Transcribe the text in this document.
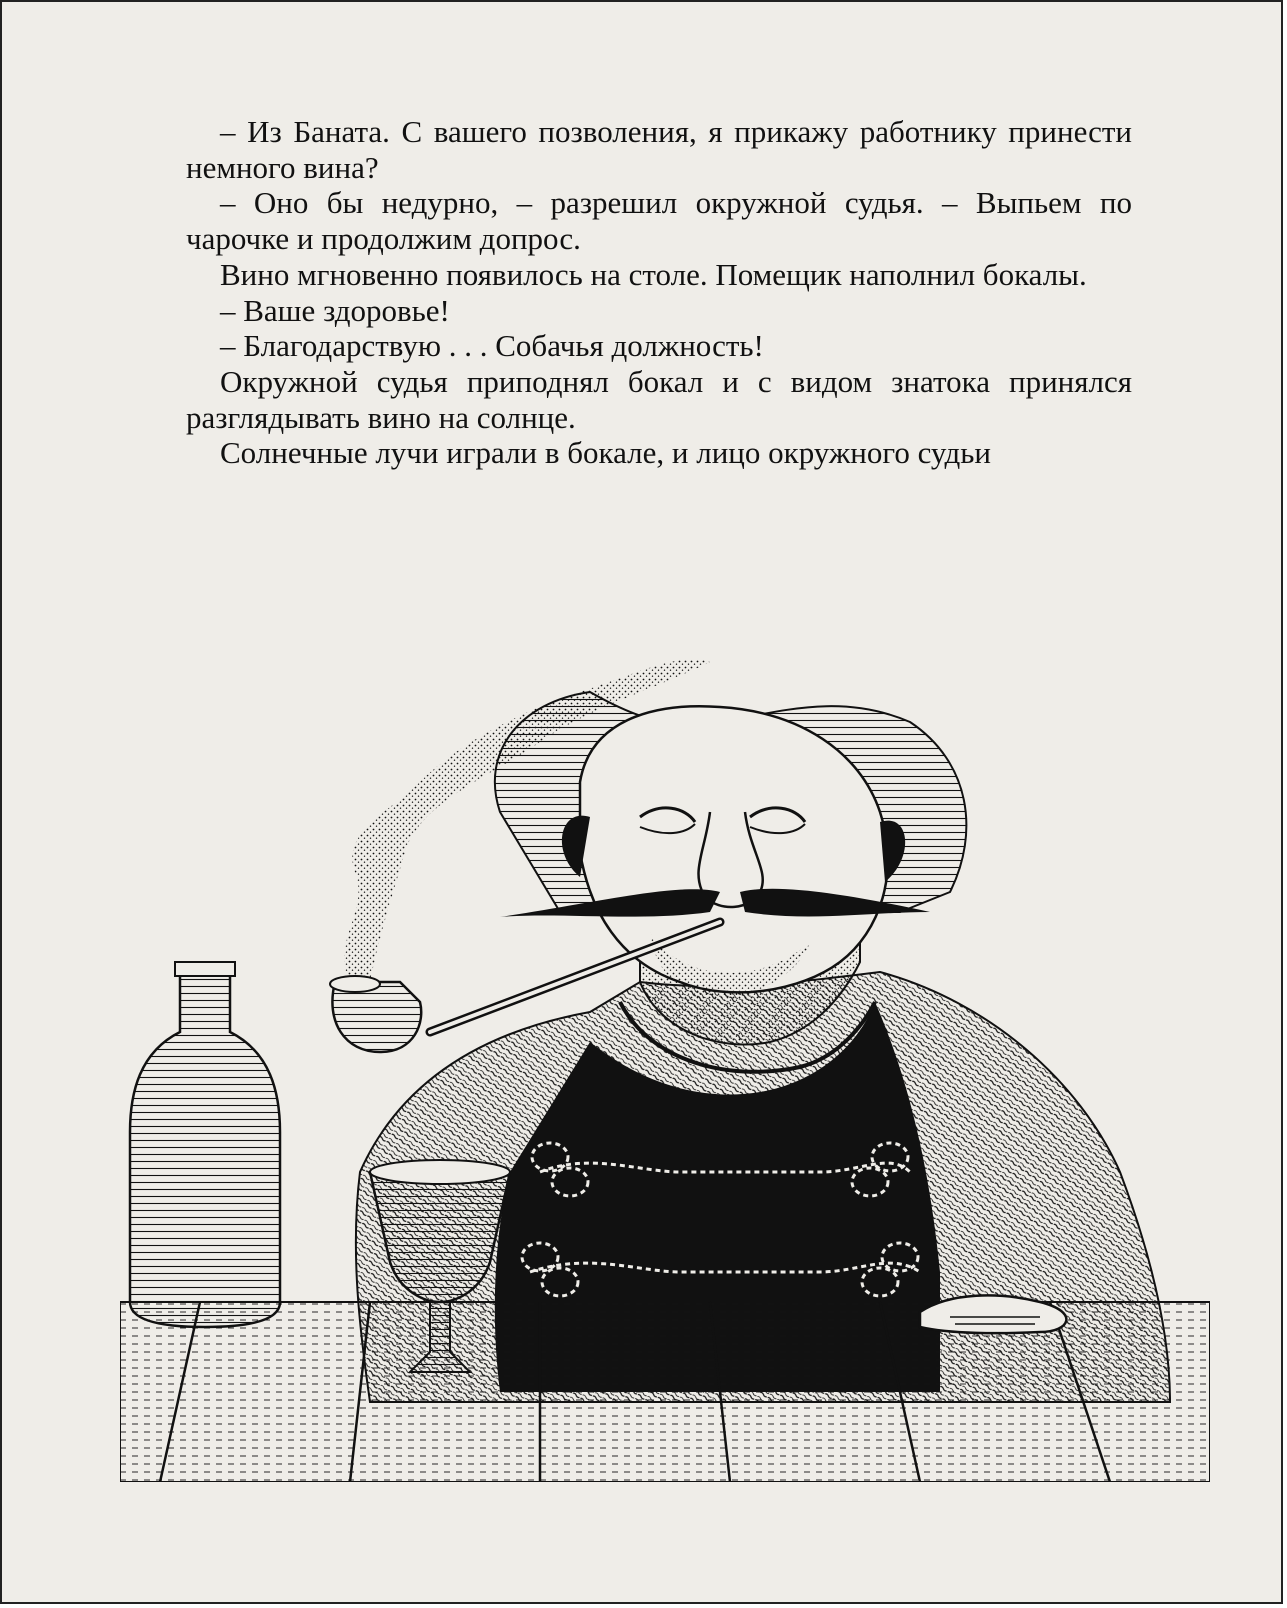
– Из Баната. С вашего позволения, я прикажу работнику принести немного вина?

– Оно бы недурно, – разрешил окружной судья. – Выпьем по чарочке и продолжим допрос.

Вино мгновенно появилось на столе. Помещик наполнил бокалы.

– Ваше здоровье!

– Благодарствую . . . Собачья должность!

Окружной судья приподнял бокал и с видом знатока принялся разглядывать вино на солнце.

Солнечные лучи играли в бокале, и лицо окружного судьи
